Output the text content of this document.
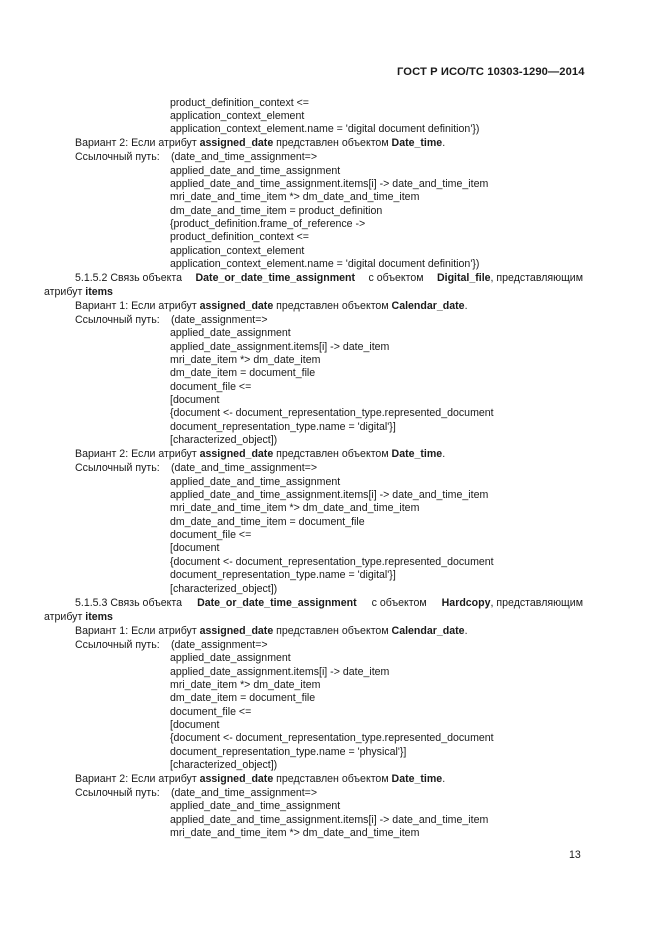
ГОСТ Р ИСО/ТС 10303-1290—2014
product_definition_context <=
application_context_element
application_context_element.name = 'digital document definition'})
Вариант 2: Если атрибут assigned_date представлен объектом Date_time.
Ссылочный путь: (date_and_time_assignment=>
applied_date_and_time_assignment
applied_date_and_time_assignment.items[i] -> date_and_time_item
mri_date_and_time_item *> dm_date_and_time_item
dm_date_and_time_item = product_definition
{product_definition.frame_of_reference ->
product_definition_context <=
application_context_element
application_context_element.name = 'digital document definition'})
5.1.5.2 Связь объекта Date_or_date_time_assignment с объектом Digital_file, представляющим
атрибут items
Вариант 1: Если атрибут assigned_date представлен объектом Calendar_date.
Ссылочный путь: (date_assignment=>
applied_date_assignment
applied_date_assignment.items[i] -> date_item
mri_date_item *> dm_date_item
dm_date_item = document_file
document_file <=
[document
{document <- document_representation_type.represented_document
document_representation_type.name = 'digital'}]
[characterized_object])
Вариант 2: Если атрибут assigned_date представлен объектом Date_time.
Ссылочный путь: (date_and_time_assignment=>
applied_date_and_time_assignment
applied_date_and_time_assignment.items[i] -> date_and_time_item
mri_date_and_time_item *> dm_date_and_time_item
dm_date_and_time_item = document_file
document_file <=
[document
{document <- document_representation_type.represented_document
document_representation_type.name = 'digital'}]
[characterized_object])
5.1.5.3 Связь объекта Date_or_date_time_assignment с объектом Hardcopy, представляющим
атрибут items
Вариант 1: Если атрибут assigned_date представлен объектом Calendar_date.
Ссылочный путь: (date_assignment=>
applied_date_assignment
applied_date_assignment.items[i] -> date_item
mri_date_item *> dm_date_item
dm_date_item = document_file
document_file <=
[document
{document <- document_representation_type.represented_document
document_representation_type.name = 'physical'}]
[characterized_object])
Вариант 2: Если атрибут assigned_date представлен объектом Date_time.
Ссылочный путь: (date_and_time_assignment=>
applied_date_and_time_assignment
applied_date_and_time_assignment.items[i] -> date_and_time_item
mri_date_and_time_item *> dm_date_and_time_item
13
